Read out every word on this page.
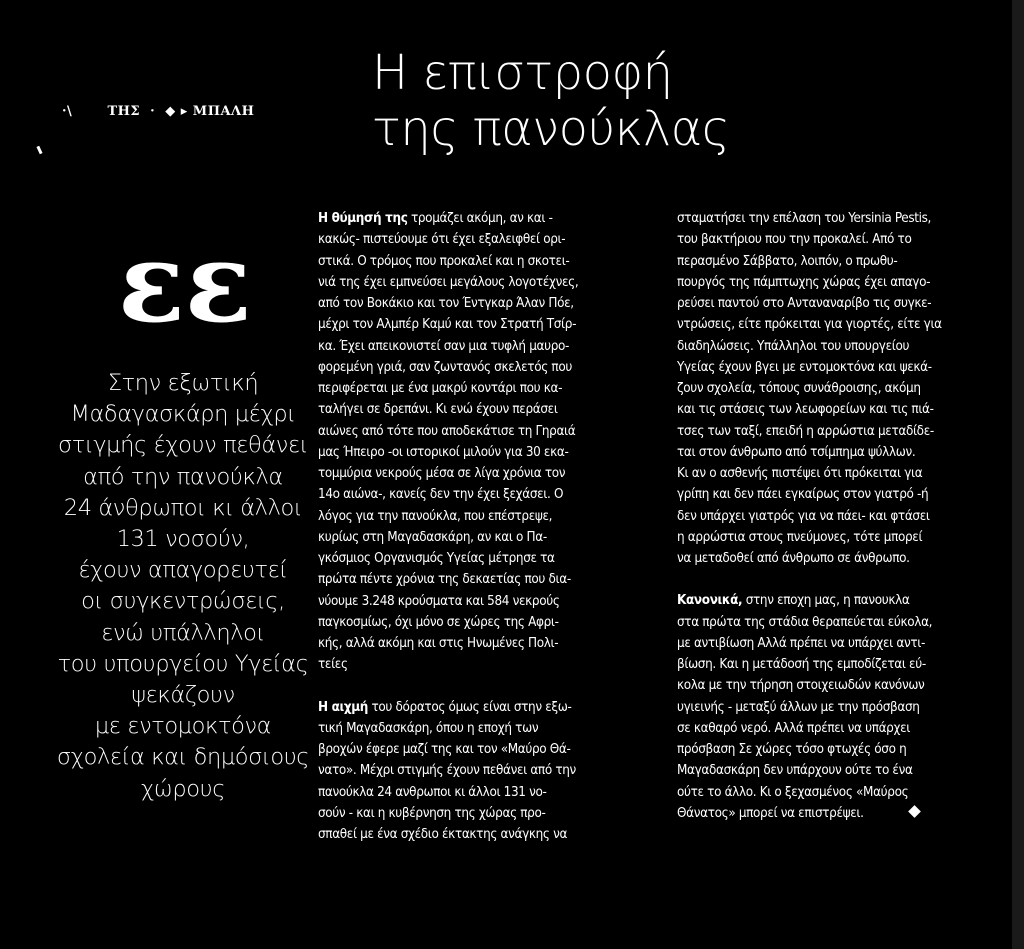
·\       ΤΗΣ  ·  ◆ ▸ ΜΠΑΛΗ
Η επιστροφή
της πανούκλας
ɛɛ
Στην εξωτική
Μαδαγασκάρη μέχρι
στιγμής έχουν πεθάνει
από την πανούκλα
24 άνθρωποι κι άλλοι
131 νοσούν,
έχουν απαγορευτεί
οι συγκεντρώσεις,
ενώ υπάλληλοι
του υπουργείου Υγείας
ψεκάζουν
με εντομοκτόνα
σχολεία και δημόσιους
χώρους
Η θύμησή της τρομάζει ακόμη, αν και -
κακώς- πιστεύουμε ότι έχει εξαλειφθεί ορι-
στικά. Ο τρόμος που προκαλεί και η σκοτει-
νιά της έχει εμπνεύσει μεγάλους λογοτέχνες,
από τον Βοκάκιο και τον Έντγκαρ Άλαν Πόε,
μέχρι τον Αλμπέρ Καμύ και τον Στρατή Τσίρ-
κα. Έχει απεικονιστεί σαν μια τυφλή μαυρο-
φορεμένη γριά, σαν ζωντανός σκελετός που
περιφέρεται με ένα μακρύ κοντάρι που κα-
ταλήγει σε δρεπάνι. Κι ενώ έχουν περάσει
αιώνες από τότε που αποδεκάτισε τη Γηραιά
μας Ήπειρο -οι ιστορικοί μιλούν για 30 εκα-
τομμύρια νεκρούς μέσα σε λίγα χρόνια τον
14ο αιώνα-, κανείς δεν την έχει ξεχάσει. Ο
λόγος για την πανούκλα, που επέστρεψε,
κυρίως στη Μαγαδασκάρη, αν και ο Πα-
γκόσμιος Οργανισμός Υγείας μέτρησε τα
πρώτα πέντε χρόνια της δεκαετίας που δια-
νύουμε 3.248 κρούσματα και 584 νεκρούς
παγκοσμίως, όχι μόνο σε χώρες της Αφρι-
κής, αλλά ακόμη και στις Ηνωμένες Πολι-
τείες
Η αιχμή του δόρατος όμως είναι στην εξω-
τική Μαγαδασκάρη, όπου η εποχή των
βροχών έφερε μαζί της και τον «Μαύρο Θά-
νατο». Μέχρι στιγμής έχουν πεθάνει από την
πανούκλα 24 ανθρωποι κι άλλοι 131 νο-
σούν - και η κυβέρνηση της χώρας προ-
σπαθεί με ένα σχέδιο έκτακτης ανάγκης να
σταματήσει την επέλαση του Yersinia Pestis,
του βακτήριου που την προκαλεί. Από το
περασμένο Σάββατο, λοιπόν, ο πρωθυ-
πουργός της πάμπτωχης χώρας έχει απαγο-
ρεύσει παντού στο Ανταναναρίβο τις συγκε-
ντρώσεις, είτε πρόκειται για γιορτές, είτε για
διαδηλώσεις. Υπάλληλοι του υπουργείου
Υγείας έχουν βγει με εντομοκτόνα και ψεκά-
ζουν σχολεία, τόπους συνάθροισης, ακόμη
και τις στάσεις των λεωφορείων και τις πιά-
τσες των ταξί, επειδή η αρρώστια μεταδίδε-
ται στον άνθρωπο από τσίμπημα ψύλλων.
Κι αν ο ασθενής πιστέψει ότι πρόκειται για
γρίπη και δεν πάει εγκαίρως στον γιατρό -ή
δεν υπάρχει γιατρός για να πάει- και φτάσει
η αρρώστια στους πνεύμονες, τότε μπορεί
να μεταδοθεί από άνθρωπο σε άνθρωπο.
Κανονικά, στην εποχη μας, η πανουκλα
στα πρώτα της στάδια θεραπεύεται εύκολα,
με αντιβίωση Αλλά πρέπει να υπάρχει αντι-
βίωση. Και η μετάδοσή της εμποδίζεται εύ-
κολα με την τήρηση στοιχειωδών κανόνων
υγιεινής - μεταξύ άλλων με την πρόσβαση
σε καθαρό νερό. Αλλά πρέπει να υπάρχει
πρόσβαση Σε χώρες τόσο φτωχές όσο η
Μαγαδασκάρη δεν υπάρχουν ούτε το ένα
ούτε το άλλο. Κι ο ξεχασμένος «Μαύρος
Θάνατος» μπορεί να επιστρέψει.
